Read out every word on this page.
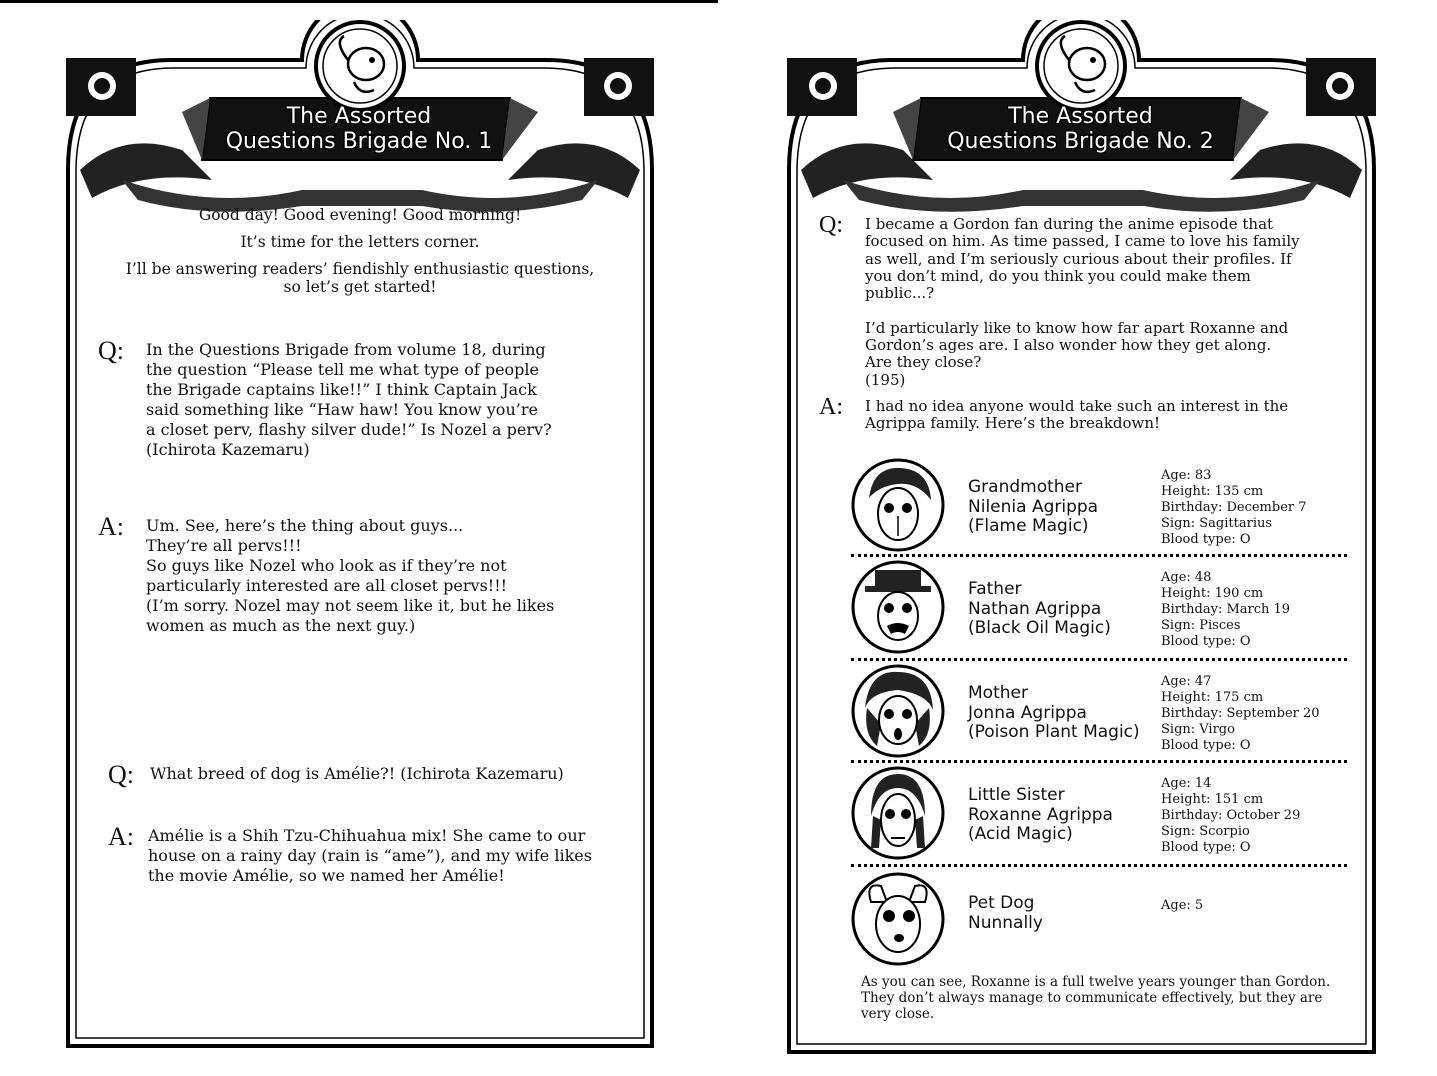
The Assorted
Questions Brigade No. 1

Good day! Good evening! Good morning!

It’s time for the letters corner.

I’ll be answering readers’ fiendishly enthusiastic questions,
so let’s get started!

Q: In the Questions Brigade from volume 18, during
the question “Please tell me what type of people
the Brigade captains like!!” I think Captain Jack
said something like “Haw haw! You know you’re
a closet perv, flashy silver dude!” Is Nozel a perv?
(Ichirota Kazemaru)
A: Um. See, here’s the thing about guys...
They’re all pervs!!!
So guys like Nozel who look as if they’re not
particularly interested are all closet pervs!!!
(I’m sorry. Nozel may not seem like it, but he likes
women as much as the next guy.)
Q: What breed of dog is Amélie?! (Ichirota Kazemaru)
A: Amélie is a Shih Tzu-Chihuahua mix! She came to our
house on a rainy day (rain is “ame”), and my wife likes
the movie Amélie, so we named her Amélie!
The Assorted
Questions Brigade No. 2
Q: I became a Gordon fan during the anime episode that
focused on him. As time passed, I came to love his family
as well, and I’m seriously curious about their profiles. If
you don’t mind, do you think you could make them
public...?

I’d particularly like to know how far apart Roxanne and
Gordon’s ages are. I also wonder how they get along.
Are they close?
(195)
A: I had no idea anyone would take such an interest in the
Agrippa family. Here’s the breakdown!
Grandmother
Nilenia Agrippa
(Flame Magic)
Age: 83
Height: 135 cm
Birthday: December 7
Sign: Sagittarius
Blood type: O
Father
Nathan Agrippa
(Black Oil Magic)
Age: 48
Height: 190 cm
Birthday: March 19
Sign: Pisces
Blood type: O
Mother
Jonna Agrippa
(Poison Plant Magic)
Age: 47
Height: 175 cm
Birthday: September 20
Sign: Virgo
Blood type: O
Little Sister
Roxanne Agrippa
(Acid Magic)
Age: 14
Height: 151 cm
Birthday: October 29
Sign: Scorpio
Blood type: O
Pet Dog
Nunnally
Age: 5
As you can see, Roxanne is a full twelve years younger than Gordon.
They don’t always manage to communicate effectively, but they are
very close.
